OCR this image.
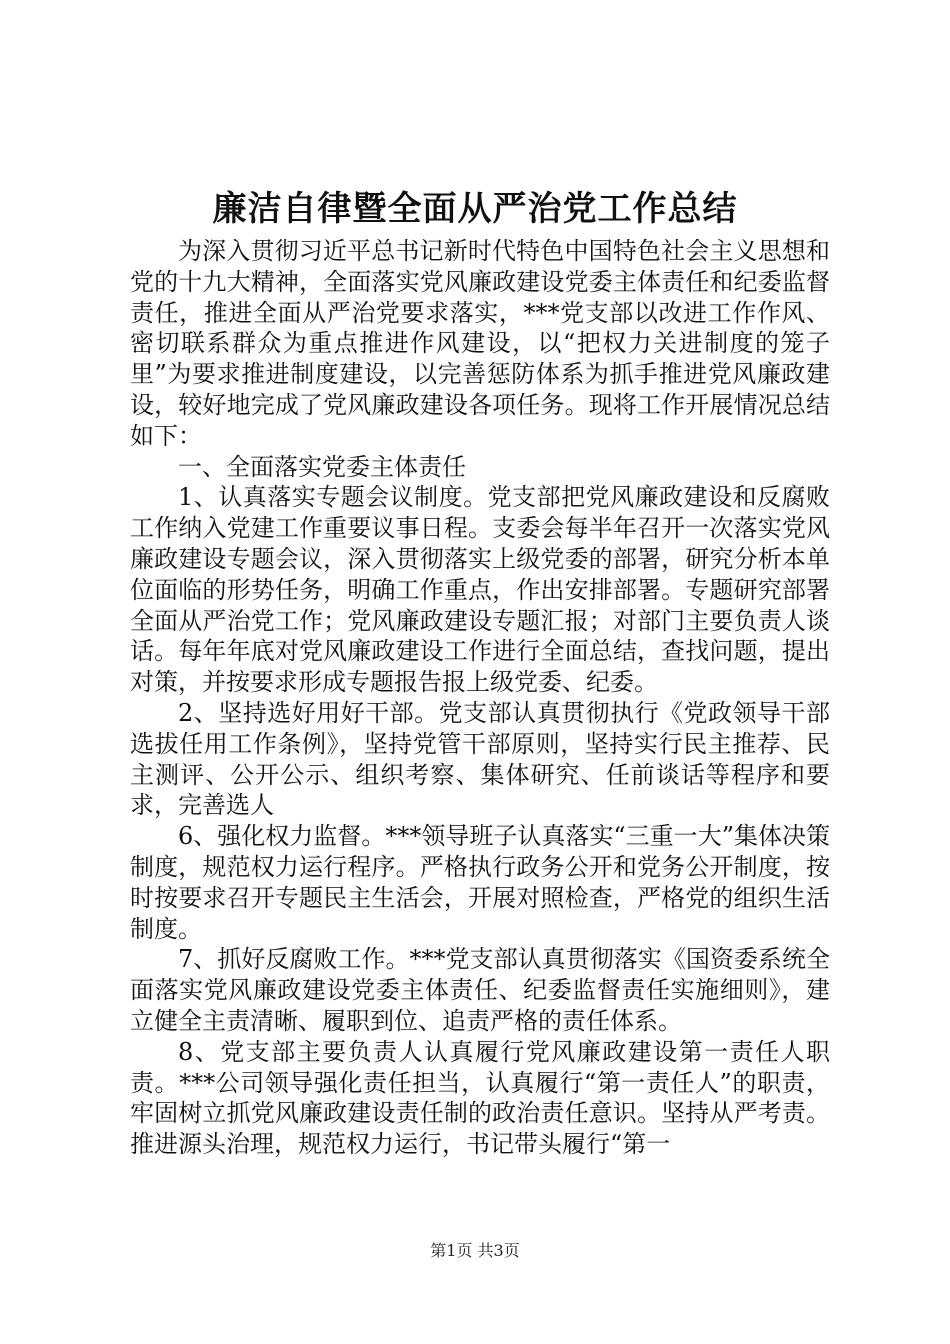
廉洁自律暨全面从严治党工作总结

为深入贯彻习近平总书记新时代特色中国特色社会主义思想和党的十九大精神，全面落实党风廉政建设党委主体责任和纪委监督责任，推进全面从严治党要求落实，***党支部以改进工作作风、密切联系群众为重点推进作风建设，以“把权力关进制度的笼子里”为要求推进制度建设，以完善惩防体系为抓手推进党风廉政建设，较好地完成了党风廉政建设各项任务。现将工作开展情况总结如下：

一、全面落实党委主体责任

1、认真落实专题会议制度。党支部把党风廉政建设和反腐败工作纳入党建工作重要议事日程。支委会每半年召开一次落实党风廉政建设专题会议，深入贯彻落实上级党委的部署，研究分析本单位面临的形势任务，明确工作重点，作出安排部署。专题研究部署全面从严治党工作；党风廉政建设专题汇报；对部门主要负责人谈话。每年年底对党风廉政建设工作进行全面总结，查找问题，提出对策，并按要求形成专题报告报上级党委、纪委。

2、坚持选好用好干部。党支部认真贯彻执行《党政领导干部选拔任用工作条例》，坚持党管干部原则，坚持实行民主推荐、民主测评、公开公示、组织考察、集体研究、任前谈话等程序和要求，完善选人

6、强化权力监督。***领导班子认真落实“三重一大”集体决策制度，规范权力运行程序。严格执行政务公开和党务公开制度，按时按要求召开专题民主生活会，开展对照检查，严格党的组织生活制度。

7、抓好反腐败工作。***党支部认真贯彻落实《国资委系统全面落实党风廉政建设党委主体责任、纪委监督责任实施细则》，建立健全主责清晰、履职到位、追责严格的责任体系。

8、党支部主要负责人认真履行党风廉政建设第一责任人职责。***公司领导强化责任担当，认真履行“第一责任人”的职责，牢固树立抓党风廉政建设责任制的政治责任意识。坚持从严考责。推进源头治理，规范权力运行，书记带头履行“第一

第1页 共3页
